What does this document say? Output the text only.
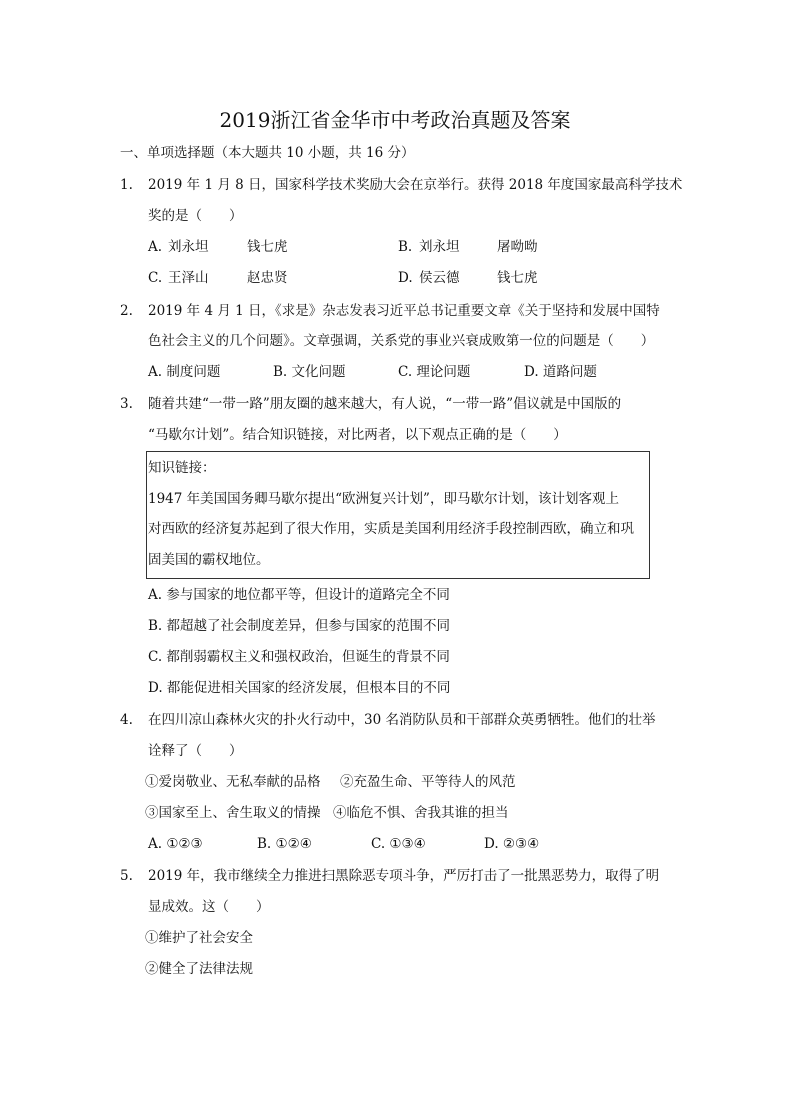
2019浙江省金华市中考政治真题及答案
一、单项选择题（本大题共 10 小题，共 16 分）
1. 2019 年 1 月 8 日，国家科学技术奖励大会在京举行。获得 2018 年度国家最高科学技术
奖的是（　　）
A. 刘永坦	钱七虎	B. 刘永坦	屠呦呦
C. 王泽山	赵忠贤	D. 侯云德	钱七虎
2. 2019 年 4 月 1 日，《求是》杂志发表习近平总书记重要文章《关于坚持和发展中国特
色社会主义的几个问题》。文章强调，关系党的事业兴衰成败第一位的问题是（　　）
A. 制度问题	B. 文化问题	C. 理论问题	D. 道路问题
3. 随着共建“一带一路”朋友圈的越来越大，有人说，“一带一路”倡议就是中国版的
“马歇尔计划”。结合知识链接，对比两者，以下观点正确的是（　　）
知识链接：
1947 年美国国务卿马歇尔提出“欧洲复兴计划”，即马歇尔计划，该计划客观上
对西欧的经济复苏起到了很大作用，实质是美国利用经济手段控制西欧，确立和巩
固美国的霸权地位。
A. 参与国家的地位都平等，但设计的道路完全不同
B. 都超越了社会制度差异，但参与国家的范围不同
C. 都削弱霸权主义和强权政治，但诞生的背景不同
D. 都能促进相关国家的经济发展，但根本目的不同
4. 在四川凉山森林火灾的扑火行动中，30 名消防队员和干部群众英勇牺牲。他们的壮举
诠释了（　　）
①爱岗敬业、无私奉献的品格 ②充盈生命、平等待人的风范
③国家至上、舍生取义的情操 ④临危不惧、舍我其谁的担当
A. ①②③	B. ①②④	C. ①③④	D. ②③④
5. 2019 年，我市继续全力推进扫黑除恶专项斗争，严厉打击了一批黑恶势力，取得了明
显成效。这（　　）
①维护了社会安全
②健全了法律法规
